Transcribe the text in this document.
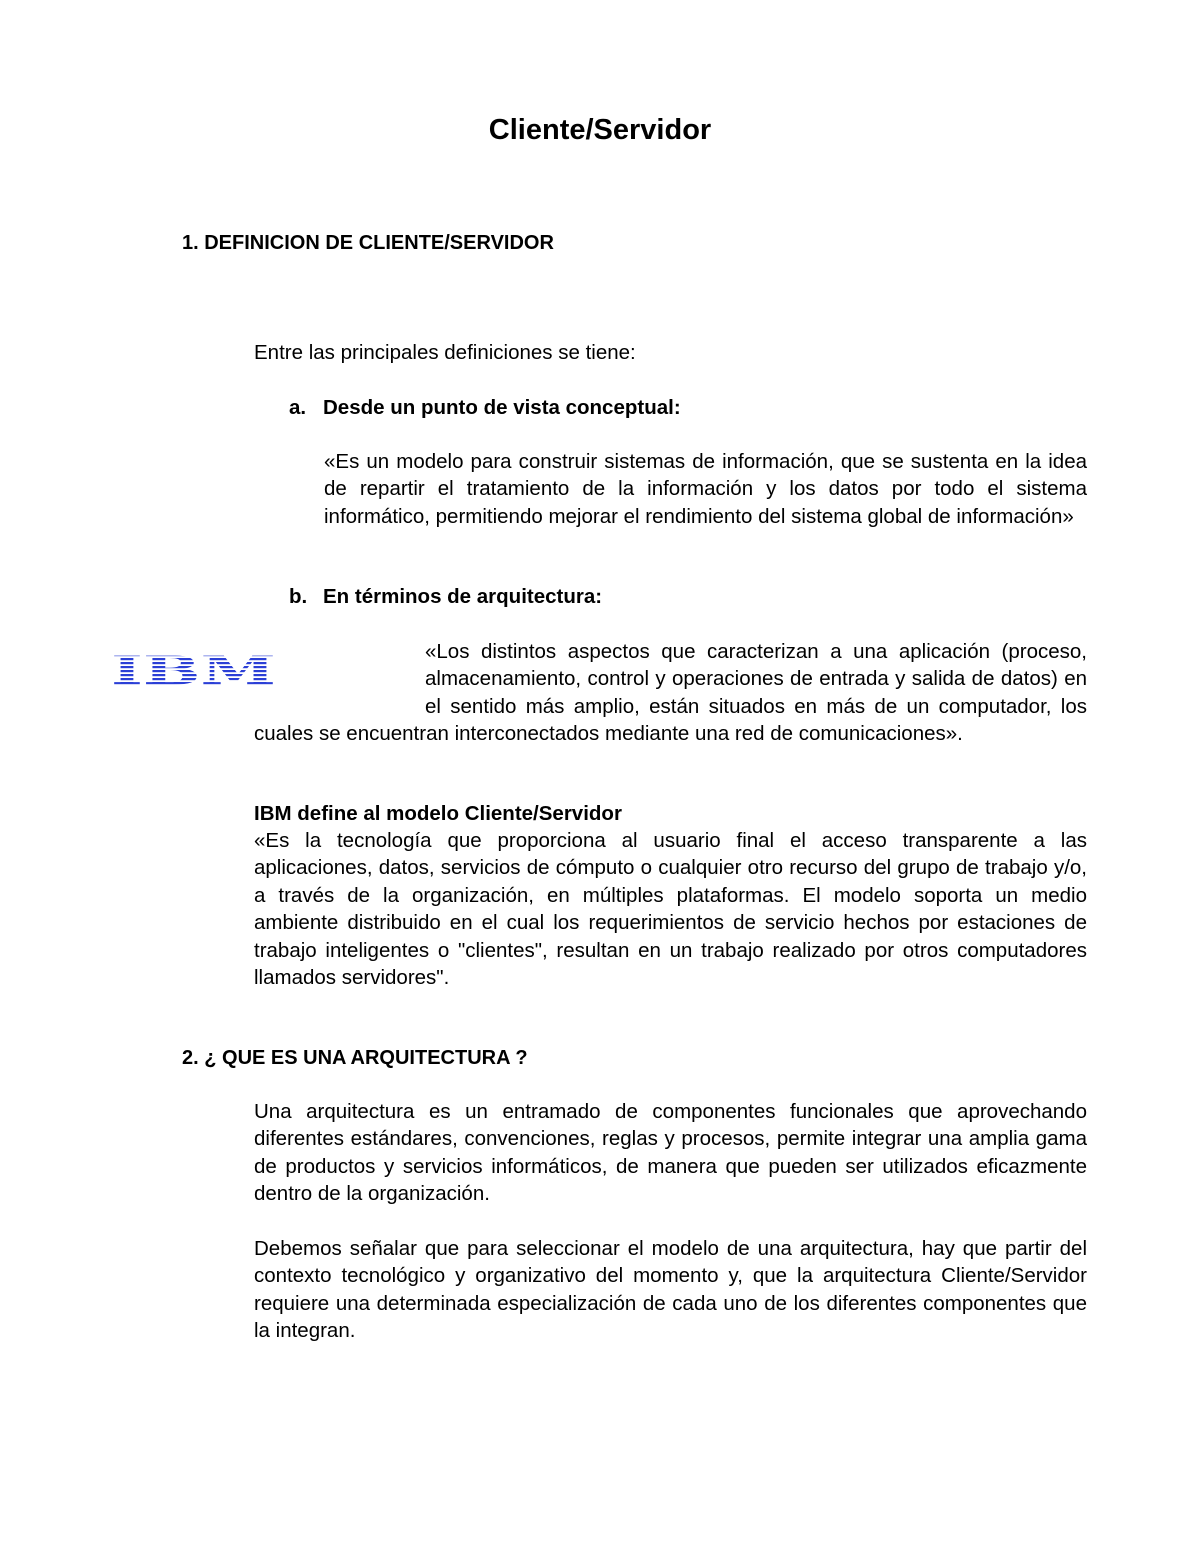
Cliente/Servidor
1. DEFINICION DE CLIENTE/SERVIDOR
Entre las principales definiciones se tiene:
a. Desde un punto de vista conceptual:
«Es un modelo para construir sistemas de información, que se sustenta en la idea de repartir el tratamiento de la información y los datos por todo el sistema informático, permitiendo mejorar el rendimiento del sistema global de información»
b. En términos de arquitectura:
IBM	«Los distintos aspectos que caracterizan a una aplicación (proceso, almacenamiento, control y operaciones de entrada y salida de datos) en el sentido más amplio, están situados en más de un computador, los cuales se encuentran interconectados mediante una red de comunicaciones».
IBM define al modelo Cliente/Servidor
«Es la tecnología que proporciona al usuario final el acceso transparente a las aplicaciones, datos, servicios de cómputo o cualquier otro recurso del grupo de trabajo y/o, a través de la organización, en múltiples plataformas. El modelo soporta un medio ambiente distribuido en el cual los requerimientos de servicio hechos por estaciones de trabajo inteligentes o "clientes", resultan en un trabajo realizado por otros computadores llamados servidores".
2. ¿ QUE ES UNA ARQUITECTURA ?
Una arquitectura es un entramado de componentes funcionales que aprovechando diferentes estándares, convenciones, reglas y procesos, permite integrar una amplia gama de productos y servicios informáticos, de manera que pueden ser utilizados eficazmente dentro de la organización.
Debemos señalar que para seleccionar el modelo de una arquitectura, hay que partir del contexto tecnológico y organizativo del momento y, que la arquitectura Cliente/Servidor requiere una determinada especialización de cada uno de los diferentes componentes que la integran.
